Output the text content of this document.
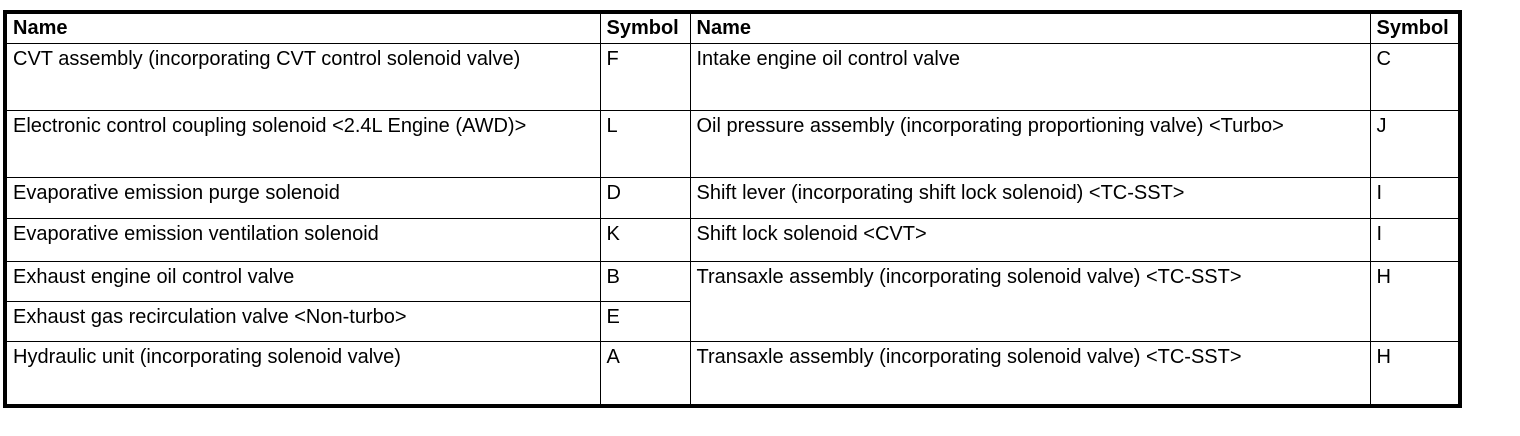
Name	Symbol	Name	Symbol
CVT assembly (incorporating CVT control solenoid valve)	F	Intake engine oil control valve	C
Electronic control coupling solenoid <2.4L Engine (AWD)>	L	Oil pressure assembly (incorporating proportioning valve) <Turbo>	J
Evaporative emission purge solenoid	D	Shift lever (incorporating shift lock solenoid) <TC-SST>	I
Evaporative emission ventilation solenoid	K	Shift lock solenoid <CVT>	I
Exhaust engine oil control valve	B	Transaxle assembly (incorporating solenoid valve) <TC-SST>	H
Exhaust gas recirculation valve <Non-turbo>	E		
Hydraulic unit (incorporating solenoid valve)	A	Transaxle assembly (incorporating solenoid valve) <TC-SST>	H
